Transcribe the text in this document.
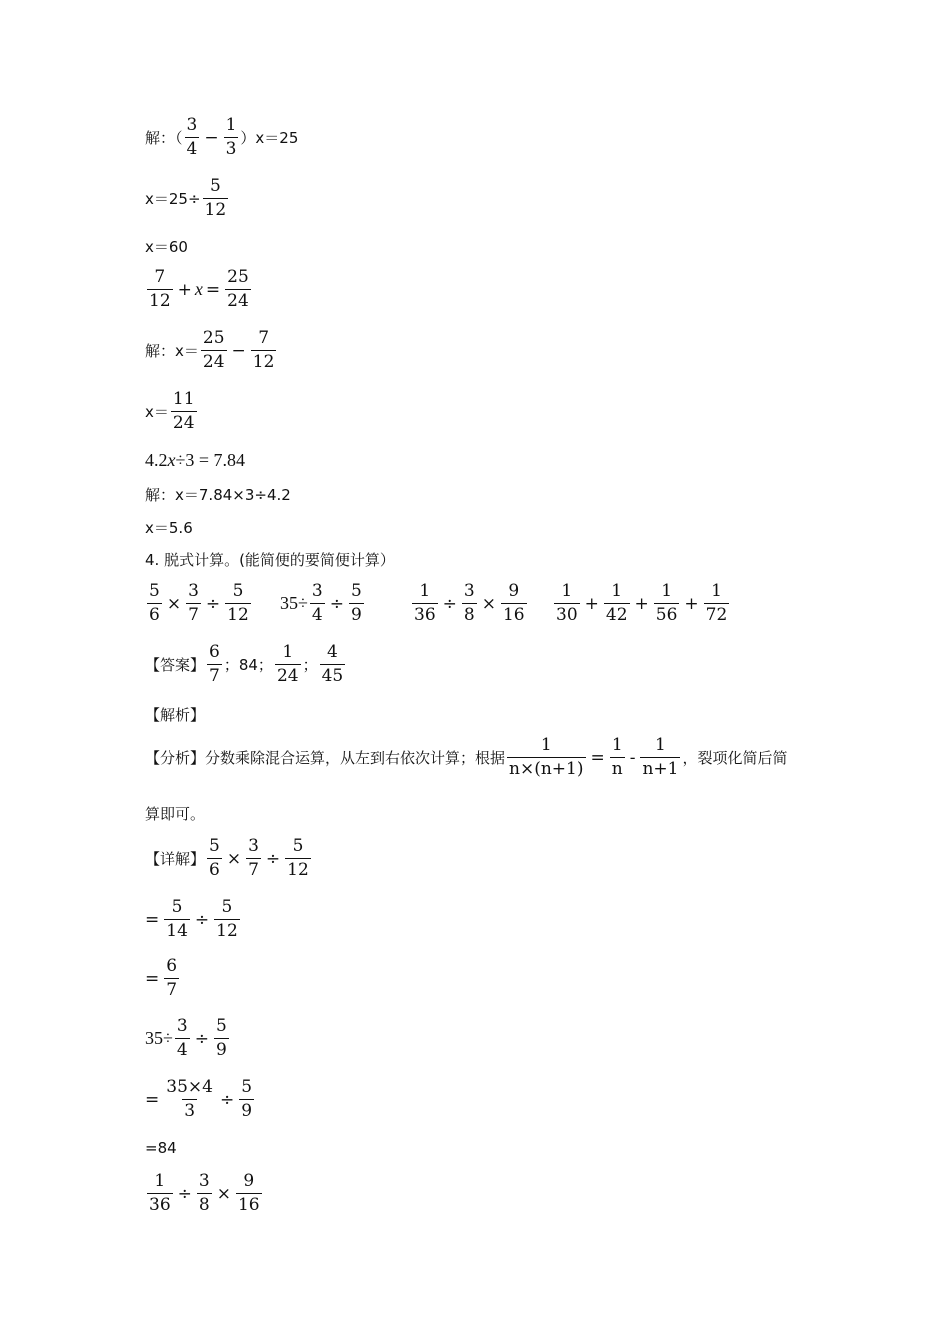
解：（ $\frac{3}{4} - \frac{1}{3} )x=25$
$x=25\div \frac{5}{12}$
x＝60
$\frac{7}{12} + x = \frac{25}{24}$
解：$x= \frac{25}{24} - \frac{7}{12}$
$x= \frac{11}{24}$
4.2 x ÷3 = 7.84
解：x＝7.84×3÷4.2
x＝5.6
4. 脱式计算。(能简便的要简便计算）
$\frac{5}{6} \times \frac{3}{7} \div \frac{5}{12} 35\div \frac{3}{4} \div \frac{5}{9}$	$\frac{1}{36} \div \frac{3}{8} \times \frac{9}{16} \frac{1}{30} + \frac{1}{42} + \frac{1}{56} + \frac{1}{72}$
【答案】 $\frac{6}{7}$ ；84； $\frac{1}{24}$ ； $\frac{4}{45}$
【解析】
【分析】 分数乘除混合运算，从左到右依次计算；根据 $\frac{1}{n\times(n+1)} = \frac{1}{n} - \frac{1}{n+1}$ ，裂项化简后简
算即可。
【详解】 $\frac{5}{6} \times \frac{3}{7} \div \frac{5}{12}$
= $\frac{5}{14} \div \frac{5}{12}$
= $\frac{6}{7}$
$35\div \frac{3}{4} \div \frac{5}{9}$
= $\frac{35\times 4}{3} \div \frac{5}{9}$
=84
$\frac{1}{36} \div \frac{3}{8} \times \frac{9}{16}$
